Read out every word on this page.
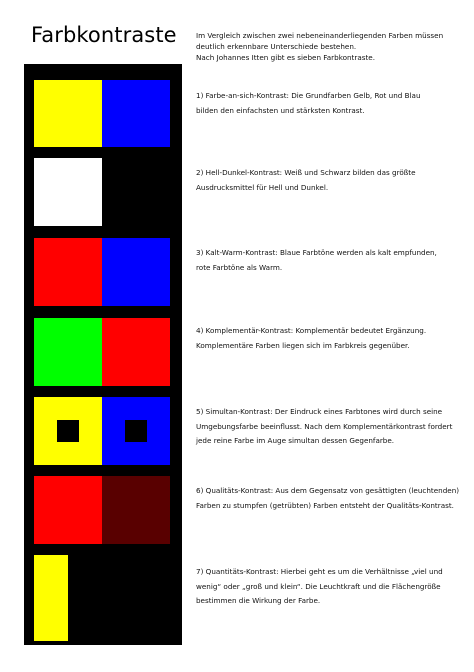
Farbkontraste	Im Vergleich zwischen zwei nebeneinanderliegenden Farben müssen
deutlich erkennbare Unterschiede bestehen.
Nach Johannes Itten gibt es sieben Farbkontraste.
1) Farbe-an-sich-Kontrast: Die Grundfarben Gelb, Rot und Blau
bilden den einfachsten und stärksten Kontrast.
2) Hell-Dunkel-Kontrast: Weiß und Schwarz bilden das größte
Ausdrucksmittel für Hell und Dunkel.
3) Kalt-Warm-Kontrast: Blaue Farbtöne werden als kalt empfunden,
rote Farbtöne als Warm.
4) Komplementär-Kontrast: Komplementär bedeutet Ergänzung.
Komplementäre Farben liegen sich im Farbkreis gegenüber.
5) Simultan-Kontrast: Der Eindruck eines Farbtones wird durch seine
Umgebungsfarbe beeinflusst. Nach dem Komplementärkontrast fordert
jede reine Farbe im Auge simultan dessen Gegenfarbe.
6) Qualitäts-Kontrast: Aus dem Gegensatz von gesättigten (leuchtenden)
Farben zu stumpfen (getrübten) Farben entsteht der Qualitäts-Kontrast.
7) Quantitäts-Kontrast: Hierbei geht es um die Verhältnisse „viel und
wenig“ oder „groß und klein“. Die Leuchtkraft und die Flächengröße
bestimmen die Wirkung der Farbe.
